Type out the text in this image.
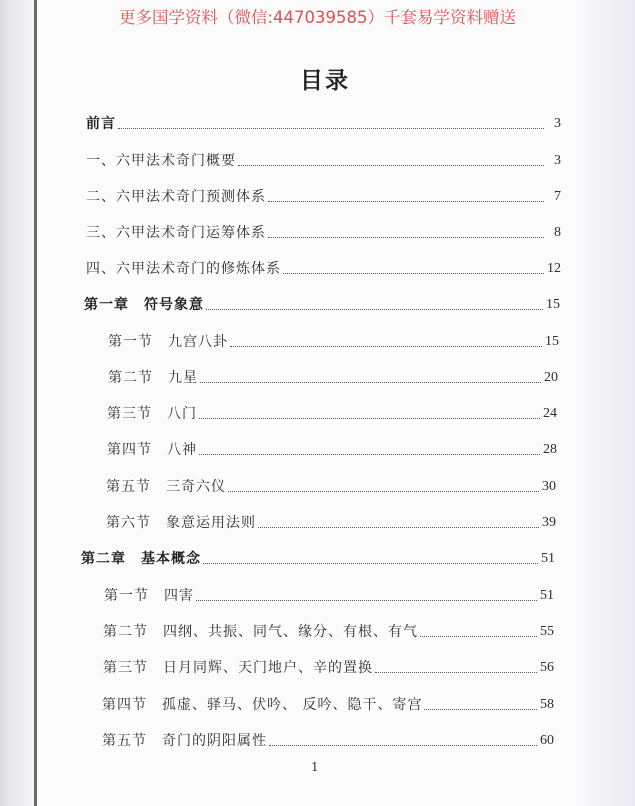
更多国学资料（微信:447039585）千套易学资料赠送
目录
前言	3
一、六甲法术奇门概要	3
二、六甲法术奇门预测体系	7
三、六甲法术奇门运筹体系	8
四、六甲法术奇门的修炼体系	12
第一章　符号象意	15
第一节　九宫八卦	15
第二节　九星	20
第三节　八门	24
第四节　八神	28
第五节　三奇六仪	30
第六节　象意运用法则	39
第二章　基本概念	51
第一节　四害	51
第二节　四纲、共振、同气、缘分、有根、有气	55
第三节　日月同辉、天门地户、辛的置换	56
第四节　孤虚、驿马、伏吟、 反吟、隐干、寄宫	58
第五节　奇门的阴阳属性	60
1
